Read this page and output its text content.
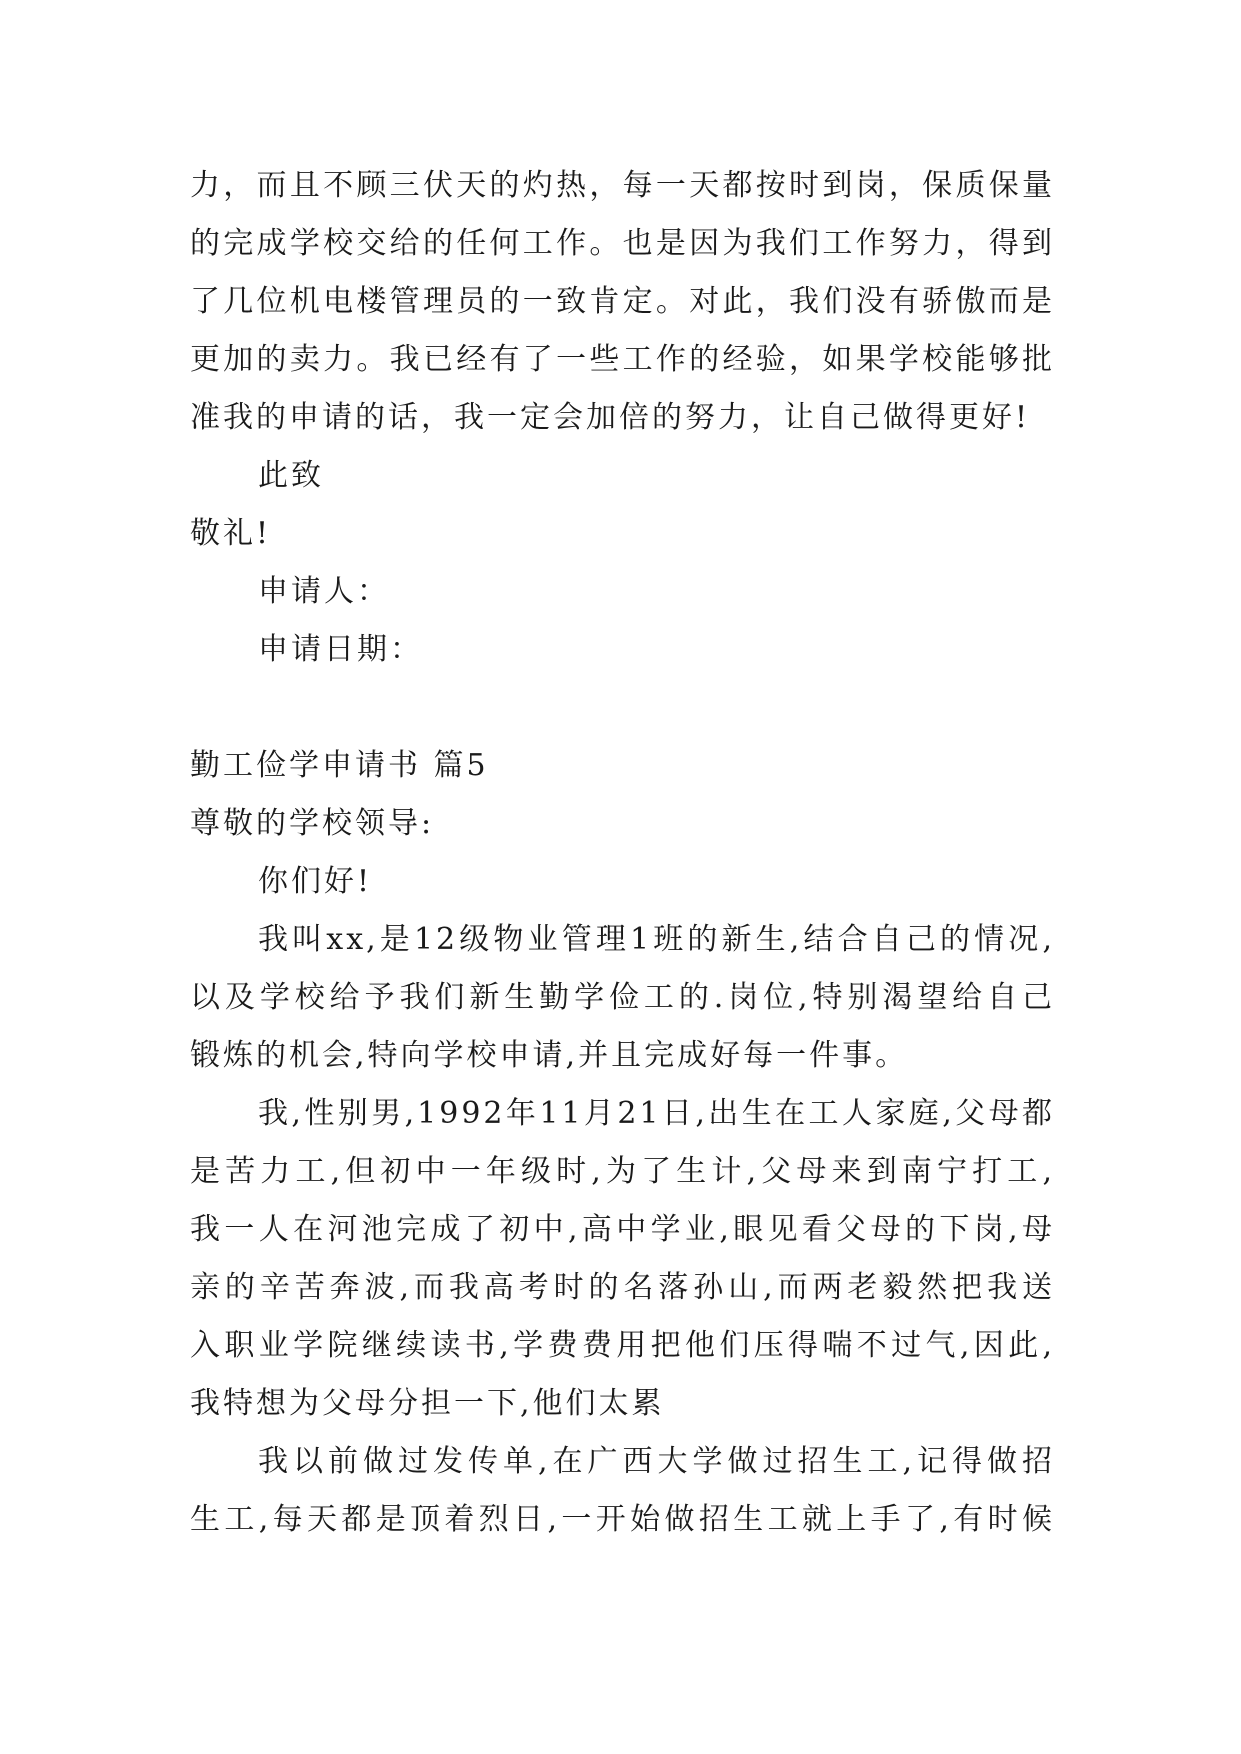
力，而且不顾三伏天的灼热，每一天都按时到岗，保质保量
的完成学校交给的任何工作。也是因为我们工作努力，得到
了几位机电楼管理员的一致肯定。对此，我们没有骄傲而是
更加的卖力。我已经有了一些工作的经验，如果学校能够批
准我的申请的话，我一定会加倍的努力，让自己做得更好!
此致
敬礼!
申请人：
申请日期：
勤工俭学申请书 篇5
尊敬的学校领导:
你们好!
我叫xx,是12级物业管理1班的新生,结合自己的情况,
以及学校给予我们新生勤学俭工的.岗位,特别渴望给自己
锻炼的机会,特向学校申请,并且完成好每一件事。
我,性别男,1992年11月21日,出生在工人家庭,父母都
是苦力工,但初中一年级时,为了生计,父母来到南宁打工,
我一人在河池完成了初中,高中学业,眼见看父母的下岗,母
亲的辛苦奔波,而我高考时的名落孙山,而两老毅然把我送
入职业学院继续读书,学费费用把他们压得喘不过气,因此,
我特想为父母分担一下,他们太累
我以前做过发传单,在广西大学做过招生工,记得做招
生工,每天都是顶着烈日,一开始做招生工就上手了,有时候
